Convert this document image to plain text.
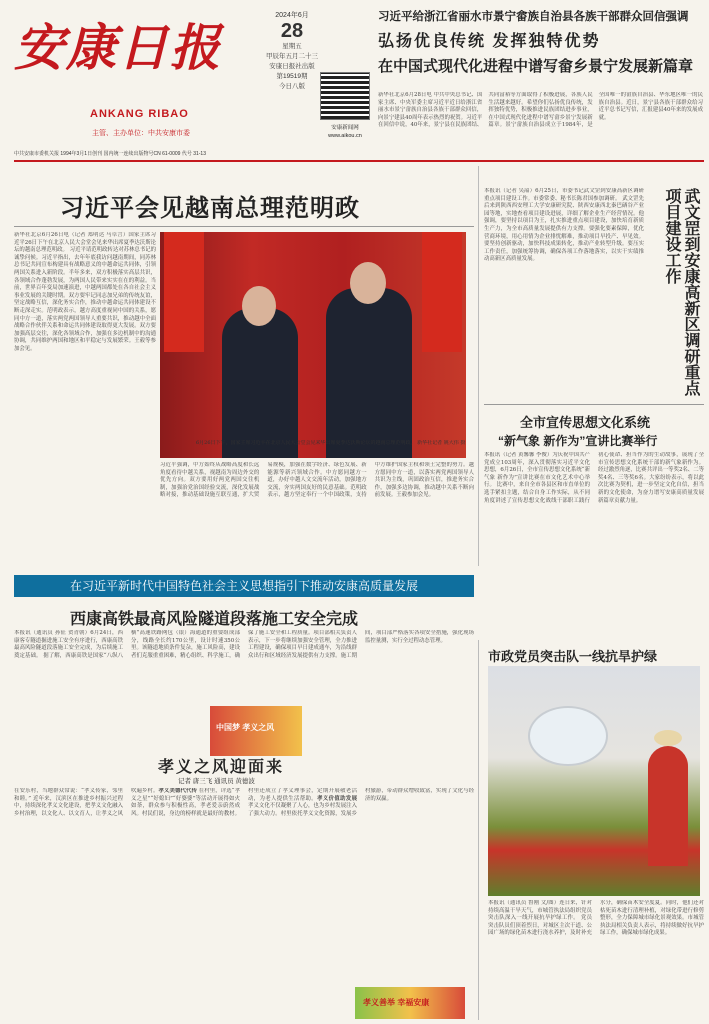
安康日报
ANKANG RIBAO
主管、主办单位：中共安康市委
2024年6月
28
星期五
甲辰年五月二十三
安康日报社出版
第19519期
今日八版
安康新闻网
www.aikou.cn
习近平给浙江省丽水市景宁畲族自治县各族干部群众回信强调
弘扬优良传统 发挥独特优势
在中国式现代化进程中谱写畲乡景宁发展新篇章
新华社北京6月28日电 中共中央总书记、国家主席、中央军委主席习近平近日给浙江省丽水市景宁畲族自治县各族干部群众回信，向景宁建县40周年表示热烈的祝贺。习近平在回信中说，40年来，景宁县在民族团结、共同富裕等方面取得了积极进展，各族人民生活越来越好。希望你们弘扬优良传统，发挥独特优势，积极推进民族团结进步事业，在中国式现代化进程中谱写畲乡景宁发展新篇章。景宁畲族自治县成立于1984年，是全国唯一的畲族自治县、华东地区唯一的民族自治县。近日，景宁县各族干部群众给习近平总书记写信，汇报建县40年来的发展成就。
中共安康市委机关报 1994年3月1日创刊 国内统一连续出版物号CN 61-0009 代号 31-13
习近平会见越南总理范明政
新华社北京6月26日电（记者 郑明达 马卓言）国家主席习近平26日下午在北京人民大会堂会见来华出席夏季达沃斯论坛的越南总理范明政。 习近平请范明政转达对苏林总书记的诚挚问候。习近平指出，去年年底我访问越南期间，同苏林总书记共同宣布构建具有战略意义的中越命运共同体，引领两国关系进入新阶段。半年多来，双方积极落实高层共识，各领域合作蓬勃发展，为两国人民带来实实在在的利益。当前，世界百年变局加速演进，中越两国都处在各自社会主义事业发展的关键时期。双方要牢记同志加兄弟的传统友谊，坚定战略互信，深化务实合作，推动中越命运共同体建设不断走深走实。范明政表示，越方高度重视同中国的关系，愿同中方一道，落实两党两国领导人重要共识，推动越中全面战略合作伙伴关系和命运共同体建设取得更大发展。双方要加强高层交往，深化各领域合作，加强在多边机制中的沟通协调，共同维护两国和地区和平稳定与发展繁荣。王毅等参加会见。
6月26日下午，国家主席习近平在北京人民大会堂会见来华出席夏季达沃斯论坛的越南总理范明政。 新华社记者 姚大伟 摄
习近平强调，中方始终从战略高度和长远角度看待中越关系，视越南为周边外交的优先方向。双方要用好两党两国交往机制，加强治党治国经验交流，深化发展战略对接，推动基础设施互联互通，扩大贸易规模，加强在数字经济、绿色发展、新能源等新兴领域合作。中方愿同越方一道，办好中越人文交流年活动，加强地方交流，夯实两国友好的民意基础。范明政表示，越方坚定奉行一个中国政策，支持中方维护国家主权和领土完整的努力。越方愿同中方一道，以落实两党两国领导人共识为主线，巩固政治互信，推进务实合作，加强多边协调，推动越中关系不断向前发展。王毅参加会见。
本报讯（记者 吴韶）6月25日，市委书记武文罡到安康高新区调研重点项目建设工作。市委常委、秘书长陈君国参加调研。 武文罡先后来到陕西西安理工大学安康研究院、陕西安康西北秦巴硒谷产业园等地，实地查看项目建设进展，详细了解企业生产经营情况。他强调，要坚持以项目为王，扎实推进重点项目建设，加快培育新质生产力，为全市高质量发展提供有力支撑。要强化要素保障，优化营商环境，用心用情为企业排忧解难，推动项目早投产、早见效。要坚持创新驱动，加快科技成果转化，推动产业转型升级。要压实工作责任，加强统筹协调，确保各项工作落地落实，以实干实绩推动高新区高质量发展。	武文罡到安康高新区调研重点项目建设工作
全市宣传思想文化系统
“新气象 新作为”宣讲比赛举行
本报讯（记者 黄馨馨 李俊）为庆祝中国共产党成立103周年，深入贯彻落实习近平文化思想，6月26日，全市宣传思想文化系统“新气象 新作为”宣讲比赛在市文化艺术中心举行。 比赛中，来自全市各县区和市直单位的选手紧扣主题，结合自身工作实际，从不同角度讲述了宣传思想文化战线干部职工践行初心使命、担当作为的生动故事，展现了全市宣传思想文化系统干部的新气象新作为。经过激烈角逐，比赛共评出一等奖2名、二等奖4名、三等奖6名。大家纷纷表示，将以此次比赛为契机，进一步坚定文化自信，担当新的文化使命，为奋力谱写安康高质量发展新篇章贡献力量。
在习近平新时代中国特色社会主义思想指引下推动安康高质量发展
西康高铁最高风险隧道段落施工安全完成
本报讯（通讯员 孙征 贺青朝）6月24日，西康客专隧道掘进施工安全有序进行，西康高铁最高风险隧道段落施工安全完成，为后续施工奠定基础。 据了解，西康高铁是国家“八纵八横”高速铁路网包（银）海通道的重要组成部分，线路全长约170公里，设计时速350公里。该隧道地质条件复杂，施工风险高，建设者们克服重重困难，精心组织、科学施工，确保了施工安全和工程质量。项目部相关负责人表示，下一步将继续加强安全管理，全力推进工程建设，确保项目早日建成通车，为沿线群众出行和区域经济发展提供有力支撑。施工期间，项目部严格落实各项安全措施，强化现场监控量测，实行全过程动态管理。
中国梦 孝义之风
孝义之风迎面来
记者 唐三飞 通讯员 黄德波
在安乐村，当地群众常说：“孝义传家，邻里和睦。” 近年来，汉滨区在推进乡村振兴过程中，持续深化孝义文化建设，把孝义文化融入乡村治理，以文化人、以文育人，让孝义之风吹遍乡村。孝义美德代代传 在村里，评选“孝义之星”“好媳妇”“好婆婆”等活动开展得如火如荼，群众参与积极性高，孝老爱亲蔚然成风。村民们说，身边的榜样就是最好的教材。村里还成立了孝义理事会，定期开展敬老活动，为老人提供生活帮助。孝义价值助发展 孝义文化不仅凝聚了人心，也为乡村发展注入了强大动力。村里依托孝义文化资源，发展乡村旅游，带动群众增收致富，实现了文化与经济的双赢。
孝义善举 幸福安康
市政党员突击队一线抗旱护绿
本报讯（通讯员 鲁刚 文/图）连日来，针对持续高温干旱天气，市城管执法局组织党员突击队深入一线开展抗旱护绿工作。 党员突击队员们顶着烈日，对城区主次干道、公园广场的绿化苗木进行浇水养护，及时补充水分，确保苗木安全度夏。同时，他们还对枯死苗木进行清理补植，对绿化带进行修剪整形，全力保障城市绿化景观效果。市城管执法局相关负责人表示，将持续做好抗旱护绿工作，确保城市绿化成果。
